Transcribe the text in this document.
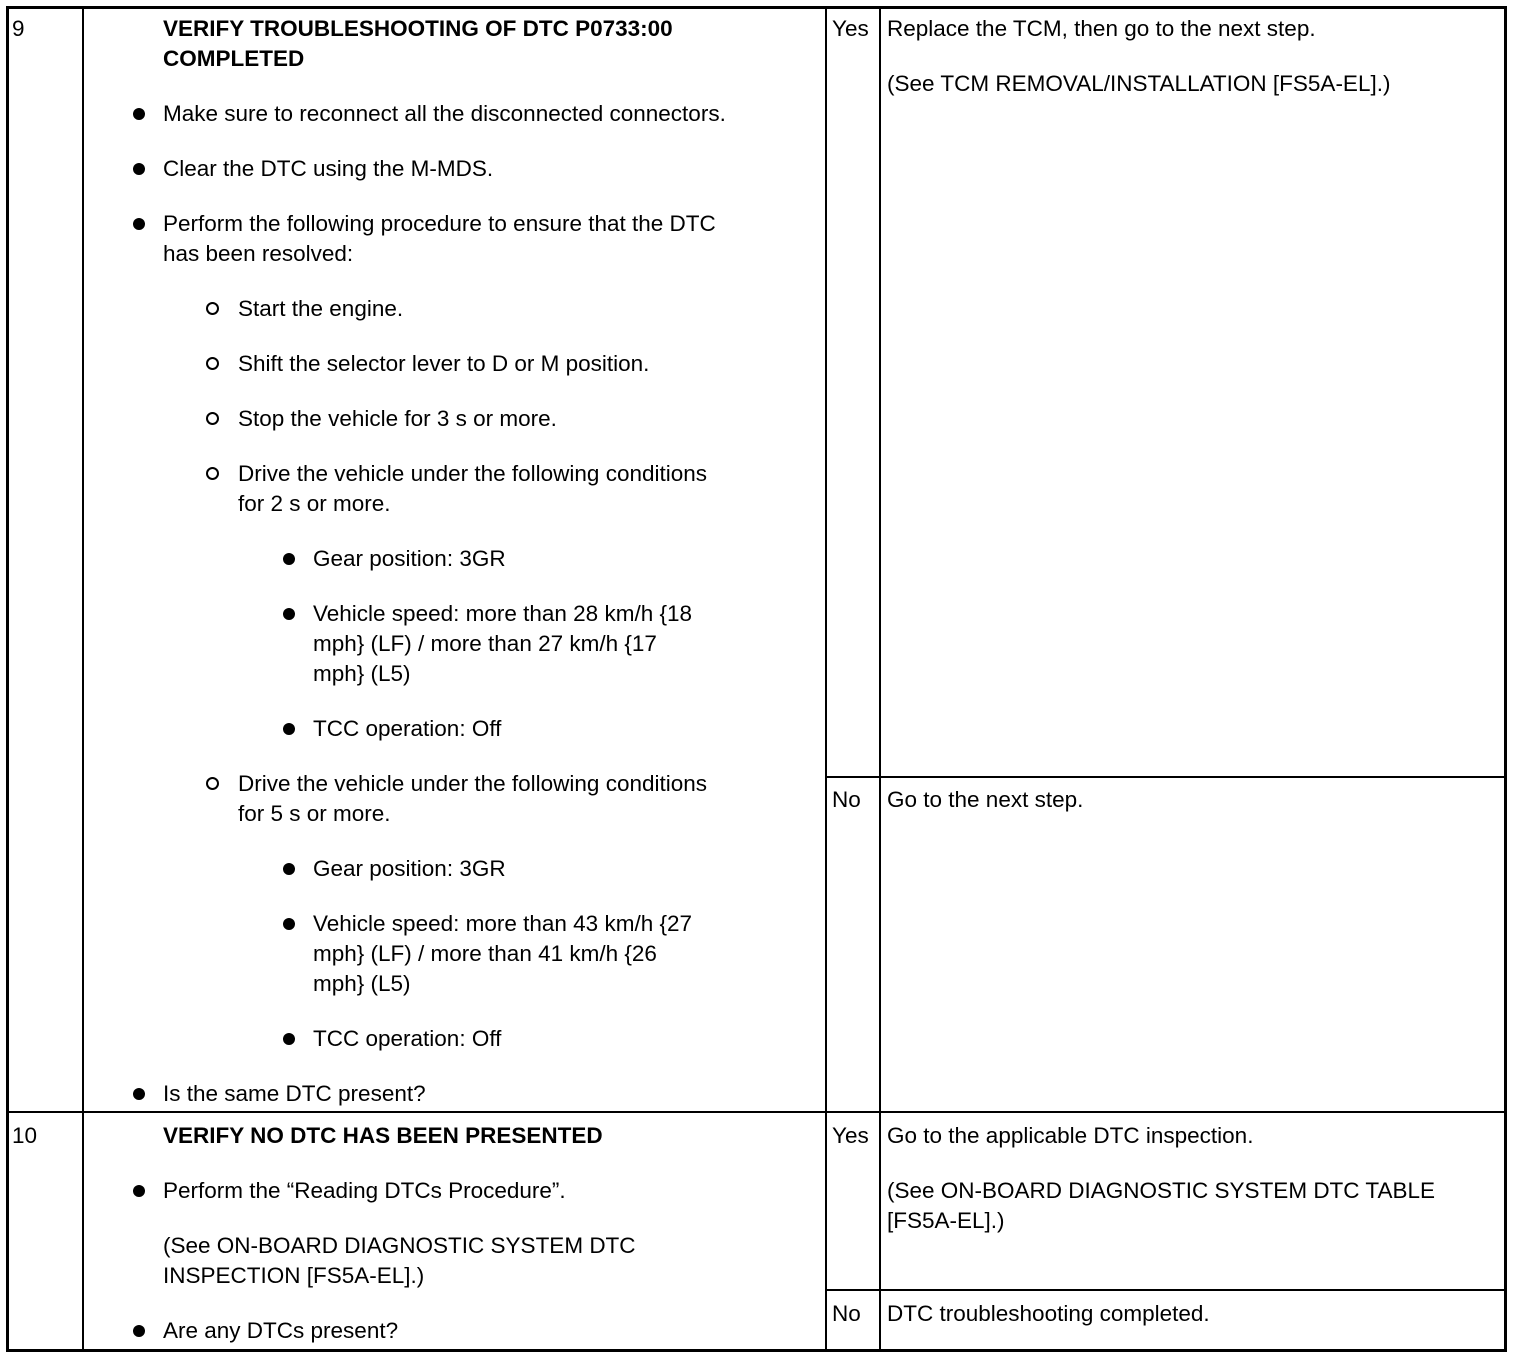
9	VERIFY TROUBLESHOOTING OF DTC P0733:00
COMPLETED
Make sure to reconnect all the disconnected connectors.
Clear the DTC using the M-MDS.
Perform the following procedure to ensure that the DTC
has been resolved:
Start the engine.
Shift the selector lever to D or M position.
Stop the vehicle for 3 s or more.
Drive the vehicle under the following conditions
for 2 s or more.
Gear position: 3GR
Vehicle speed: more than 28 km/h {18
mph} (LF) / more than 27 km/h {17
mph} (L5)
TCC operation: Off
Drive the vehicle under the following conditions
for 5 s or more.
Gear position: 3GR
Vehicle speed: more than 43 km/h {27
mph} (LF) / more than 41 km/h {26
mph} (L5)
TCC operation: Off
Is the same DTC present?
Yes Replace the TCM, then go to the next step.
(See TCM REMOVAL/INSTALLATION [FS5A-EL].)
No Go to the next step.
10	VERIFY NO DTC HAS BEEN PRESENTED
Perform the “Reading DTCs Procedure”.
(See ON-BOARD DIAGNOSTIC SYSTEM DTC
INSPECTION [FS5A-EL].)
Are any DTCs present?
Yes Go to the applicable DTC inspection.
(See ON-BOARD DIAGNOSTIC SYSTEM DTC TABLE
[FS5A-EL].)
No DTC troubleshooting completed.
